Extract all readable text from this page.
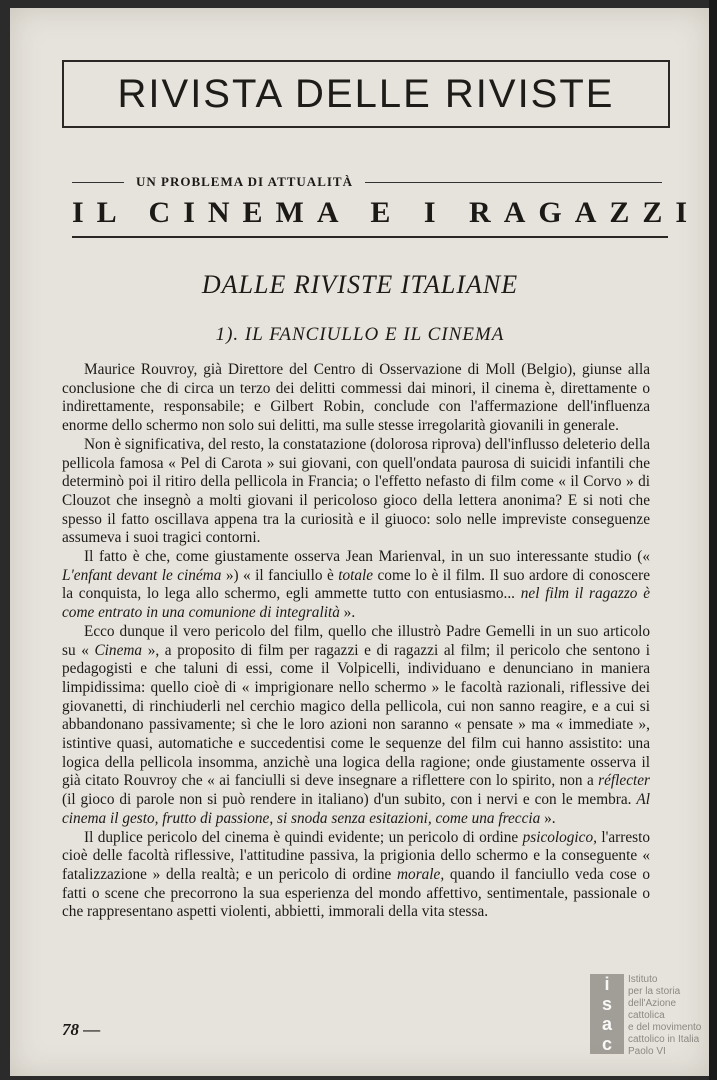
RIVISTA DELLE RIVISTE
UN PROBLEMA DI ATTUALITÀ
IL CINEMA E I RAGAZZI
DALLE RIVISTE ITALIANE
1). IL FANCIULLO E IL CINEMA

Maurice Rouvroy, già Direttore del Centro di Osservazione di Moll (Belgio), giunse alla conclusione che di circa un terzo dei delitti commessi dai minori, il cinema è, direttamente o indirettamente, responsabile; e Gilbert Robin, conclude con l'affermazione dell'influenza enorme dello schermo non solo sui delitti, ma sulle stesse irregolarità giovanili in generale.

Non è significativa, del resto, la constatazione (dolorosa riprova) dell'influsso deleterio della pellicola famosa « Pel di Carota » sui giovani, con quell'ondata paurosa di suicidi infantili che determinò poi il ritiro della pellicola in Francia; o l'effetto nefasto di film come « il Corvo » di Clouzot che insegnò a molti giovani il pericoloso gioco della lettera anonima? E si noti che spesso il fatto oscillava appena tra la curiosità e il giuoco: solo nelle impreviste conseguenze assumeva i suoi tragici contorni.

Il fatto è che, come giustamente osserva Jean Marienval, in un suo interessante studio (« L'enfant devant le cinéma ») « il fanciullo è totale come lo è il film. Il suo ardore di conoscere la conquista, lo lega allo schermo, egli ammette tutto con entusiasmo... nel film il ragazzo è come entrato in una comunione di integralità ».

Ecco dunque il vero pericolo del film, quello che illustrò Padre Gemelli in un suo articolo su « Cinema », a proposito di film per ragazzi e di ragazzi al film; il pericolo che sentono i pedagogisti e che taluni di essi, come il Volpicelli, individuano e denunciano in maniera limpidissima: quello cioè di « imprigionare nello schermo » le facoltà razionali, riflessive dei giovanetti, di rinchiuderli nel cerchio magico della pellicola, cui non sanno reagire, e a cui si abbandonano passivamente; sì che le loro azioni non saranno « pensate » ma « immediate », istintive quasi, automatiche e succedentisi come le sequenze del film cui hanno assistito: una logica della pellicola insomma, anzichè una logica della ragione; onde giustamente osserva il già citato Rouvroy che « ai fanciulli si deve insegnare a riflettere con lo spirito, non a réflecter (il gioco di parole non si può rendere in italiano) d'un subito, con i nervi e con le membra. Al cinema il gesto, frutto di passione, si snoda senza esitazioni, come una freccia ».

Il duplice pericolo del cinema è quindi evidente; un pericolo di ordine psicologico, l'arresto cioè delle facoltà riflessive, l'attitudine passiva, la prigionia dello schermo e la conseguente « fatalizzazione » della realtà; e un pericolo di ordine morale, quando il fanciullo veda cose o fatti o scene che precorrono la sua esperienza del mondo affettivo, sentimentale, passionale o che rappresentano aspetti violenti, abbietti, immorali della vita stessa.

78 —
i
s
a
c
Istituto
per la storia
dell'Azione cattolica
e del movimento
cattolico in Italia
Paolo VI
